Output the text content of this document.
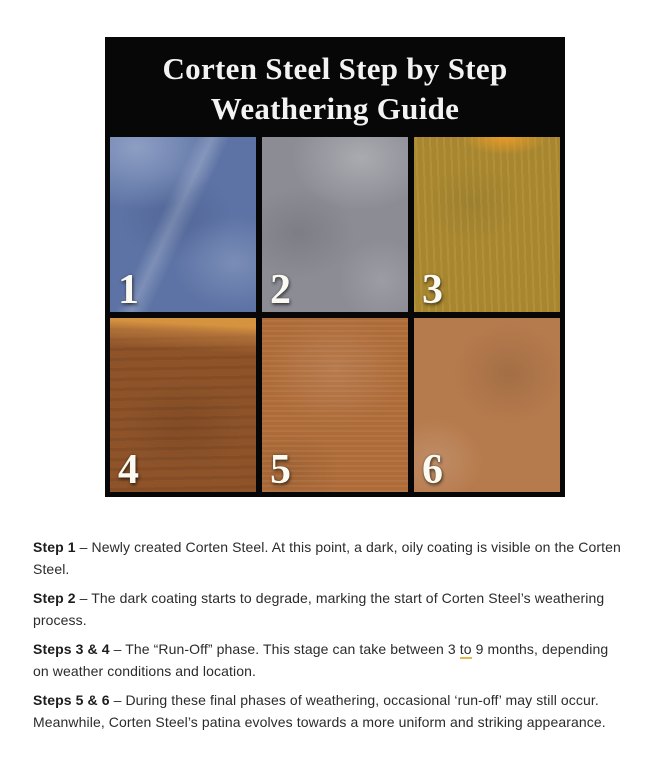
Corten Steel Step by Step
Weathering Guide
1	2	3
4	5	6

Step 1 – Newly created Corten Steel. At this point, a dark, oily coating is visible on the Corten Steel.

Step 2 – The dark coating starts to degrade, marking the start of Corten Steel’s weathering process.

Steps 3 & 4 – The “Run-Off” phase. This stage can take between 3 to 9 months, depending on weather conditions and location.

Steps 5 & 6 – During these final phases of weathering, occasional ‘run-off’ may still occur. Meanwhile, Corten Steel’s patina evolves towards a more uniform and striking appearance.
